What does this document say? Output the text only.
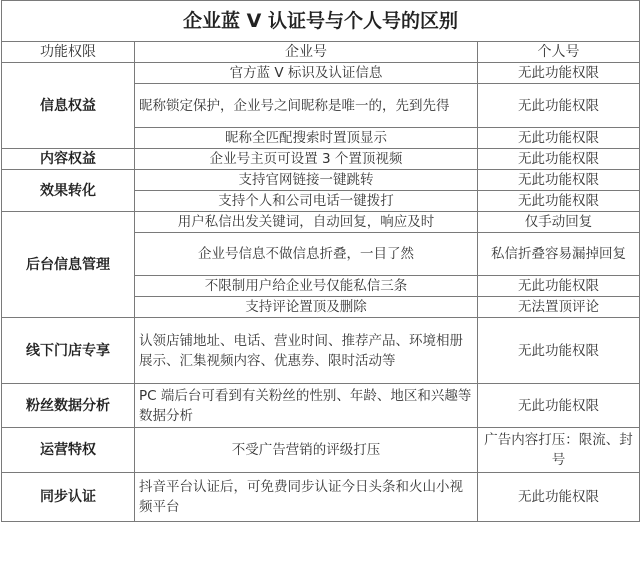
企业蓝 V 认证号与个人号的区别		
功能权限	企业号	个人号
信息权益	官方蓝 V 标识及认证信息	无此功能权限
	昵称锁定保护，企业号之间昵称是唯一的，先到先得	无此功能权限
	昵称全匹配搜索时置顶显示	无此功能权限
内容权益	企业号主页可设置 3 个置顶视频	无此功能权限
效果转化	支持官网链接一键跳转	无此功能权限
	支持个人和公司电话一键拨打	无此功能权限
后台信息管理	用户私信出发关键词，自动回复，响应及时	仅手动回复
	企业号信息不做信息折叠，一目了然	私信折叠容易漏掉回复
	不限制用户给企业号仅能私信三条	无此功能权限
	支持评论置顶及删除	无法置顶评论
线下门店专享	认领店铺地址、电话、营业时间、推荐产品、环境相册展示、汇集视频内容、优惠券、限时活动等	无此功能权限
粉丝数据分析	PC 端后台可看到有关粉丝的性别、年龄、地区和兴趣等数据分析	无此功能权限
运营特权	不受广告营销的评级打压	广告内容打压：限流、封号
同步认证	抖音平台认证后，可免费同步认证今日头条和火山小视频平台	无此功能权限
